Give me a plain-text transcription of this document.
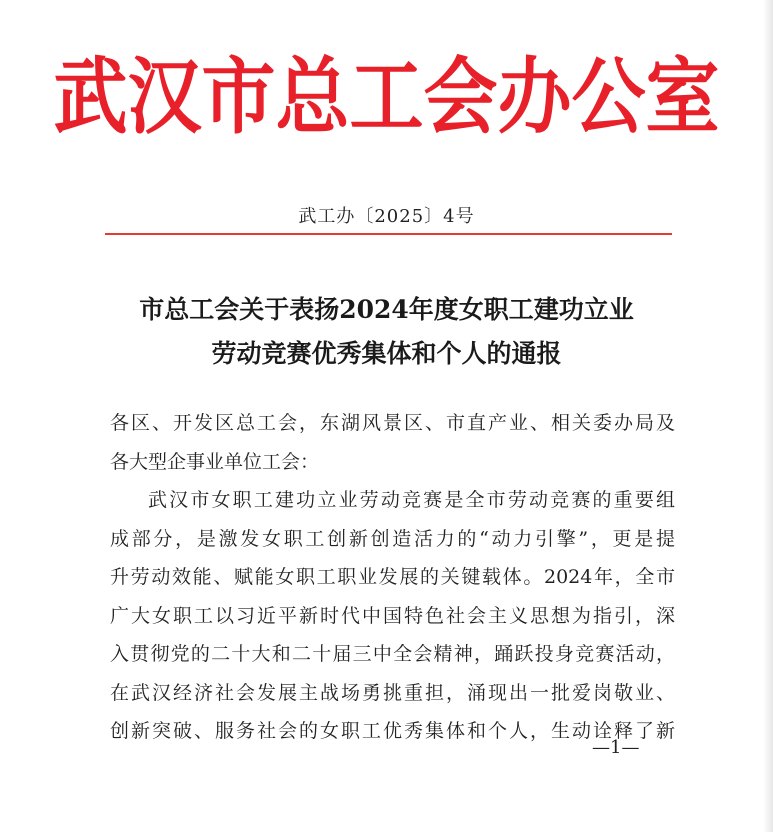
武汉市总工会办公室
武工办〔2025〕4号
市总工会关于表扬2024年度女职工建功立业
劳动竞赛优秀集体和个人的通报
各区、开发区总工会，东湖风景区、市直产业、相关委办局及
各大型企事业单位工会：
武汉市女职工建功立业劳动竞赛是全市劳动竞赛的重要组
成部分，是激发女职工创新创造活力的“动力引擎”，更是提
升劳动效能、赋能女职工职业发展的关键载体。2024年，全市
广大女职工以习近平新时代中国特色社会主义思想为指引，深
入贯彻党的二十大和二十届三中全会精神，踊跃投身竞赛活动，
在武汉经济社会发展主战场勇挑重担，涌现出一批爱岗敬业、
创新突破、服务社会的女职工优秀集体和个人，生动诠释了新
—1—
